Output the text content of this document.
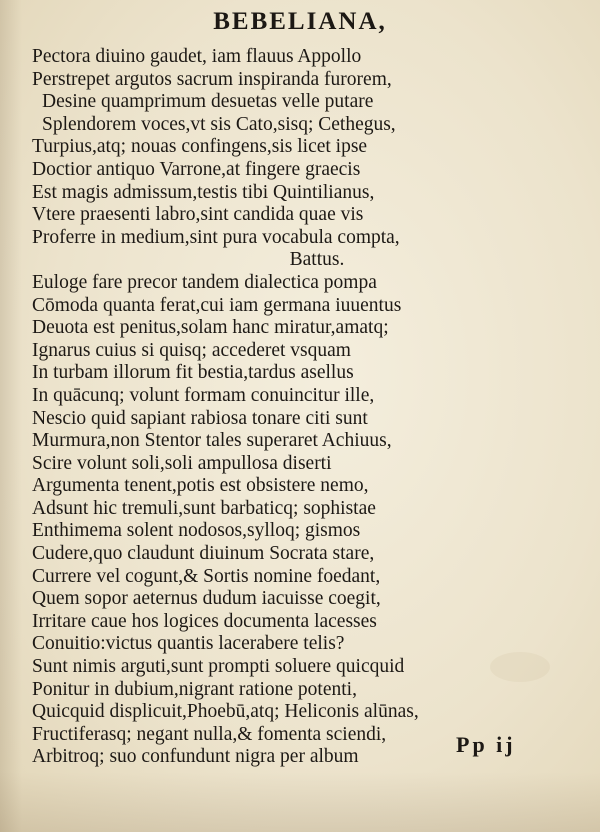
BEBELIANA,
Pectora diuino gaudet, iam flauus Appollo
Perstrepet argutos sacrum inspiranda furorem,
Desine quamprimum desuetas velle putare
Splendorem voces,vt sis Cato,sisq; Cethegus,
Turpius,atq; nouas confingens,sis licet ipse
Doctior antiquo Varrone,at fingere graecis
Est magis admissum,testis tibi Quintilianus,
Vtere praesenti labro,sint candida quae vis
Proferre in medium,sint pura vocabula compta,
Battus.
Euloge fare precor tandem dialectica pompa
Cōmoda quanta ferat,cui iam germana iuuentus
Deuota est penitus,solam hanc miratur,amatq;
Ignarus cuius si quisq; accederet vsquam
In turbam illorum fit bestia,tardus asellus
In quācunq; volunt formam conuincitur ille,
Nescio quid sapiant rabiosa tonare citi sunt
Murmura,non Stentor tales superaret Achiuus,
Scire volunt soli,soli ampullosa diserti
Argumenta tenent,potis est obsistere nemo,
Adsunt hic tremuli,sunt barbaticq; sophistae
Enthimema solent nodosos,sylloq; gismos
Cudere,quo claudunt diuinum Socrata stare,
Currere vel cogunt,& Sortis nomine foedant,
Quem sopor aeternus dudum iacuisse coegit,
Irritare caue hos logices documenta lacesses
Conuitio:victus quantis lacerabere telis?
Sunt nimis arguti,sunt prompti soluere quicquid
Ponitur in dubium,nigrant ratione potenti,
Quicquid displicuit,Phoebū,atq; Heliconis alūnas,
Fructiferasq; negant nulla,& fomenta sciendi,
Arbitroq; suo confundunt nigra per album	Pp ij
